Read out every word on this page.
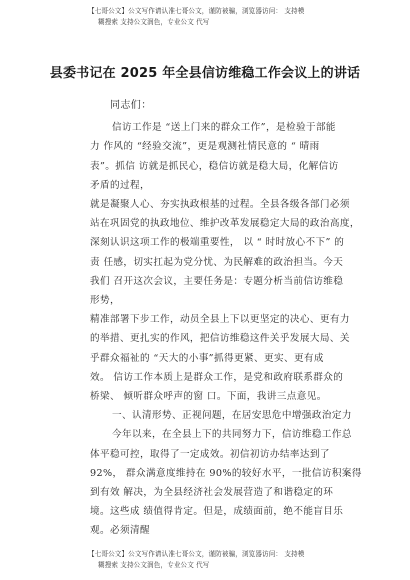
【七哥公文】公文写作请认准七哥公文，谨防被骗，浏览器访问： 支持模
糊搜索 支持公文润色，专业公文 代写
县委书记在 2025 年全县信访维稳工作会议上的讲话

同志们：

信访工作是 “送上门来的群众工作”，是检验于部能

力 作风的 “经验交流”，更是观测社情民意的 “ 晴雨

表”。抓信 访就是抓民心，稳信访就是稳大局，化解信访

矛盾的过程，

就是凝聚人心、夯实执政根基的过程。全县各级各部门必须

站在巩固党的执政地位、维护改革发展稳定大局的政治高度，

深刻认识这项工作的极端重要性， 以 “ 时时放心不下” 的

责 任感，切实扛起为党分忧、为民解难的政治担当。今天

我们 召开这次会议，主要任务是：专题分析当前信访维稳

形势，

精准部署下步工作，动员全县上下以更坚定的决心、更有力

的举措、更扎实的作风，把信访维稳这件关乎发展大局、关

乎群众福祉的 “天大的小事”抓得更紧、更实、更有成

效。 信访工作本质上是群众工作，是党和政府联系群众的

桥梁、 倾听群众呼声的窗 口。下面，我讲三点意见。

一、认清形势、正视问题，在居安思危中增强政治定力

今年以来，在全县上下的共同努力下，信访维稳工作总

体平稳可控，取得了一定成效。初信初访办结率达到了

92%， 群众满意度维持在 90%的较好水平，一批信访积案得

到有效 解决，为全县经济社会发展营造了和谐稳定的环

境。这些成 绩值得肯定。但是，成绩面前，绝不能盲目乐

观。必须清醒

【七哥公文】公文写作请认准七哥公文，谨防被骗，浏览器访问： 支持模
糊搜索 支持公文润色，专业公文 代写
